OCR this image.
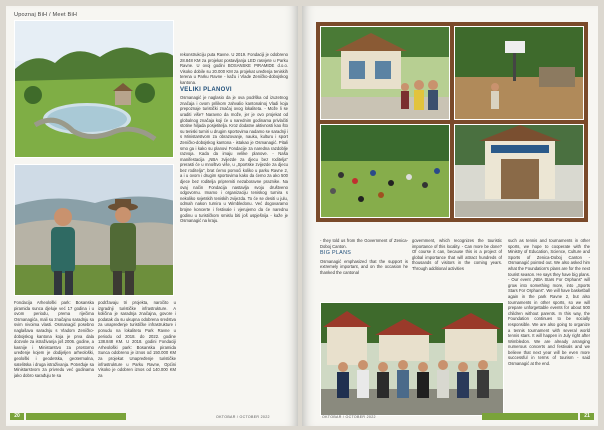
Upoznaj BiH / Meet BiH

rekonstrukciju puta Ravne. U 2019. Fondaciji je odobreno 28.848 KM za projekat postavljanja LED rasvjete u Parku Ravne. U ovoj godini BOSANSKE PIRAMIDE d.o.o. Visoko dobile su 20.000 KM za projekat uređenja teniskih terena u Parku Ravne - kažu i Vlade Zeničko-dobojskog kantona.

VELIKI PLANOVI

Osmanagić je naglasio da je ova podrška od izuzetnog značaja i ovom prilikom zahvalio kantonalnoj Vladi koja prepoznaje turistički značaj ovog lokaliteta. - Može li se uraditi više? Naravno da može, jer je ovo projekat od globalnog značaja koji će u narednim godinama privlačiti stotine hiljada posjetitelja. Kroz dodatne aktivnosti kao što su teniski turniri u drugim sportovima nadamo se saradnji i s Ministarstvom za obrazovanje, nauku, kulturu i sport Zeničko-dobojskog kantona - istakao je Osmanagić. Pitali smo ga i kako su planovi Fondacije za naredna razdoblje razvoja. Kada da imaju velike planove. - Naša manifestacija „NBA zvijezde za djecu bez roditelja" prerasti će u mnoštvo više, u „Sportske zvijezde za djecu bez roditelja", brat ćemo pomoći koliko u parku Ravne 2, a i u ovom i drugim sportovima kako da ćemo za ako 500 djece bez roditelja pripremiti nezaboravne praznike. Na ovaj način Fondacija nastavlja svoju društveno odgovornu. Imamo i organizaciju teniskog turnira s nekoliko svjetskih teniskih zvijezda. To će se desiti u julu, odmah nakon turnira u Wimbledonu. Već dogovaramo brojne koncerte i festivale i vjerujemo da će narednu godinu u turističkom smislu biti još uspješnija - kaže je Osmanagić na kraju.

Fondacija Arheološki park: Bosanska piramida sunca djeluje već 17 godina i u ovom periodu, prema riječima Osmanagića, mali su značajnu saradnju sa svim nivoima vlasti. Osmanagić posebno naglašava saradnju s Vladom Zeničko-dobojskog kantona koja je prva dala dozvole za istraživanja još 2006. godine, a kasnije i Ministarstvo za prostorno uređenje kojem je dodijeljen arheološki, geološki i geodetska, geotermalna, satelitska i druga istraživanja. Potvrđuje sa Ministarstvom za privredu već godinama jako dobro sarađuju te sa

podržavaju tri projekta, naročito u izgradnji turističke infrastrukture. A količina je saradnja značajna, govore i podatak da su ukupna odobrena sredstva za unapređenje turističke infrastrukture i ponudu na lokalitetu Park Ravne u periodu od 2018. do 2022. godine 138.848 KM. U 2018. godini Fondaciji Arheološki park: Bosanska piramida Sunca odobreno je iznos od 150.000 KM za projekat Unapređenje turističke infrastrukture u Parku Ravne, Općini Visoko je odobren iznos od 140.000 KM za

20	OKTOBAR / OCTOBER 2022

- they told us from the Government of Zenica-Doboj Canton.

BIG PLANS

Osmanagić emphasized that the support is extremely important, and on the occasion he thanked the cantonal

government, which recognizes the touristic importance of this locality. - Can more be done? Of course it can, because this is a project of global importance that will attract hundreds of thousands of visitors in the coming years. Through additional activities

such as tennis and tournaments in other sports, we hope to cooperate with the Ministry of Education, Science, Culture and Sports of Zenica-Doboj Canton - Osmanagić pointed out. We also asked him what the Foundation's plans are for the next tourist season. He says they have big plans. - Our event „NBA Stars For Orphans" will grow into something more, into „Sports Stars For Orphans". We will have basketball again in the park Ravne 2, but also tournaments in other sports, so we will prepare unforgettable events for about 500 children without parents. In this way, the Foundation continues to be socially responsible. We are also going to organize a tennis tournament with several world tennis stars. It will happen in July right after Wimbledon. We are already arranging numerous concerts and festivals and we believe that next year will be even more successful in terms of tourism - said Osmanagić at the end.

OKTOBAR / OCTOBER 2022	21
